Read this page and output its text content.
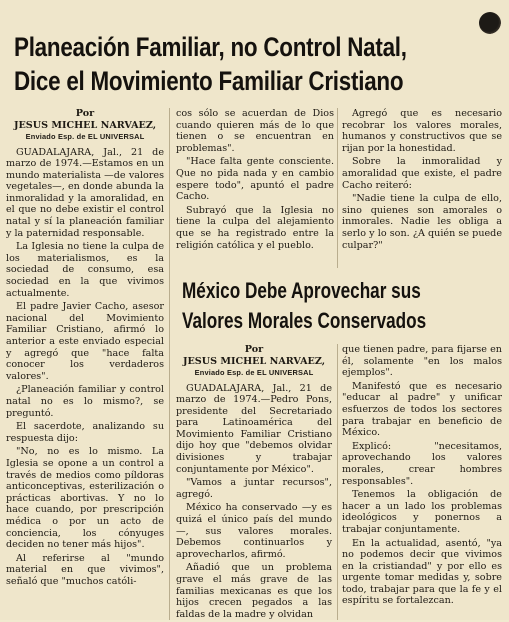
Planeación Familiar, no Control Natal,
Dice el Movimiento Familiar Cristiano
Por
JESUS MICHEL NARVAEZ,
Enviado Esp. de EL UNIVERSAL

GUADALAJARA, Jal., 21 de marzo de 1974.—Estamos en un mundo materialista —de valores vegetales—, en donde abunda la inmoralidad y la amoralidad, en el que no debe existir el control natal y sí la planeación familiar y la paternidad responsable.

La Iglesia no tiene la culpa de los materialismos, es la sociedad de consumo, esa sociedad en la que vivimos actualmente.

El padre Javier Cacho, asesor nacional del Movimiento Familiar Cristiano, afirmó lo anterior a este enviado especial y agregó que "hace falta conocer los verdaderos valores".

¿Planeación familiar y control natal no es lo mismo?, se preguntó.

El sacerdote, analizando su respuesta dijo:

"No, no es lo mismo. La Iglesia se opone a un control a través de medios como píldoras anticonceptivas, esterilización o prácticas abortivas. Y no lo hace cuando, por prescripción médica o por un acto de conciencia, los cónyuges deciden no tener más hijos".

Al referirse al "mundo material en que vivimos", señaló que "muchos católi-

cos sólo se acuerdan de Dios cuando quieren más de lo que tienen o se encuentran en problemas".

"Hace falta gente consciente. Que no pida nada y en cambio espere todo", apuntó el padre Cacho.

Subrayó que la Iglesia no tiene la culpa del alejamiento que se ha registrado entre la religión católica y el pueblo.

Agregó que es necesario recobrar los valores morales, humanos y constructivos que se rijan por la honestidad.

Sobre la inmoralidad y amoralidad que existe, el padre Cacho reiteró:

"Nadie tiene la culpa de ello, sino quienes son amorales o inmorales. Nadie les obliga a serlo y lo son. ¿A quién se puede culpar?"

México Debe Aprovechar sus
Valores Morales Conservados
Por
JESUS MICHEL NARVAEZ,
Enviado Esp. de EL UNIVERSAL

GUADALAJARA, Jal., 21 de marzo de 1974.—Pedro Pons, presidente del Secretariado para Latinoamérica del Movimiento Familiar Cristiano dijo hoy que "debemos olvidar divisiones y trabajar conjuntamente por México".

"Vamos a juntar recursos", agregó.

México ha conservado —y es quizá el único país del mundo—, sus valores morales. Debemos continuarlos y aprovecharlos, afirmó.

Añadió que un problema grave el más grave de las familias mexicanas es que los hijos crecen pegados a las faldas de la madre y olvidan

que tienen padre, para fijarse en él, solamente "en los malos ejemplos".

Manifestó que es necesario "educar al padre" y unificar esfuerzos de todos los sectores para trabajar en beneficio de México.

Explicó: "necesitamos, aprovechando los valores morales, crear hombres responsables".

Tenemos la obligación de hacer a un lado los problemas ideológicos y ponernos a trabajar conjuntamente.

En la actualidad, asentó, "ya no podemos decir que vivimos en la cristiandad" y por ello es urgente tomar medidas y, sobre todo, trabajar para que la fe y el espíritu se fortalezcan.
